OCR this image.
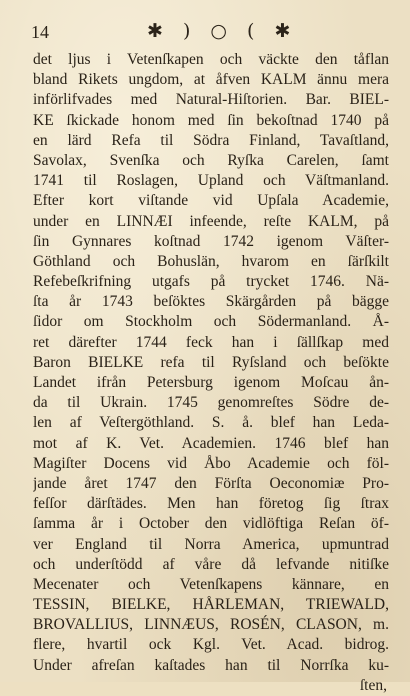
14	✱ ) ○ ( ✱
det ljus i Vetenſkapen och väckte den tåflan
bland Rikets ungdom, at åfven KALM ännu mera
införlifvades med Natural-Hiſtorien. Bar. BIEL-
KE ſkickade honom med ſin bekoſtnad 1740 på
en lärd Refa til Södra Finland, Tavaſtland,
Savolax, Svenſka och Ryſka Carelen, ſamt
1741 til Roslagen, Upland och Väſtmanland.
Efter kort viſtande vid Upſala Academie,
under en LINNÆI infeende, reſte KALM, på
ſin Gynnares koſtnad 1742 igenom Väſter-
Göthland och Bohuslän, hvarom en ſärſkilt
Refebeſkrifning utgafs på trycket 1746. Nä-
ſta år 1743 beſöktes Skärgården på bägge
ſidor om Stockholm och Södermanland. Å-
ret därefter 1744 feck han i ſällſkap med
Baron BIELKE refa til Ryſsland och beſökte
Landet ifrån Petersburg igenom Moſcau ån-
da til Ukrain. 1745 genomreſtes Södre de-
len af Veſtergöthland. S. å. blef han Leda-
mot af K. Vet. Academien. 1746 blef han
Magiſter Docens vid Åbo Academie och föl-
jande året 1747 den Förſta Oeconomiæ Pro-
feſſor därſtädes. Men han företog ſig ſtrax
ſamma år i October den vidlöftiga Reſan öf-
ver England til Norra America, upmuntrad
och underſtödd af våre då lefvande nitiſke
Mecenater och Vetenſkapens kännare, en
TESSIN, BIELKE, HÅRLEMAN, TRIEWALD,
BROVALLIUS, LINNÆUS, ROSÉN, CLASON, m.
flere, hvartil ock Kgl. Vet. Acad. bidrog.
Under afreſan kaſtades han til Norrſka ku-
ſten,
